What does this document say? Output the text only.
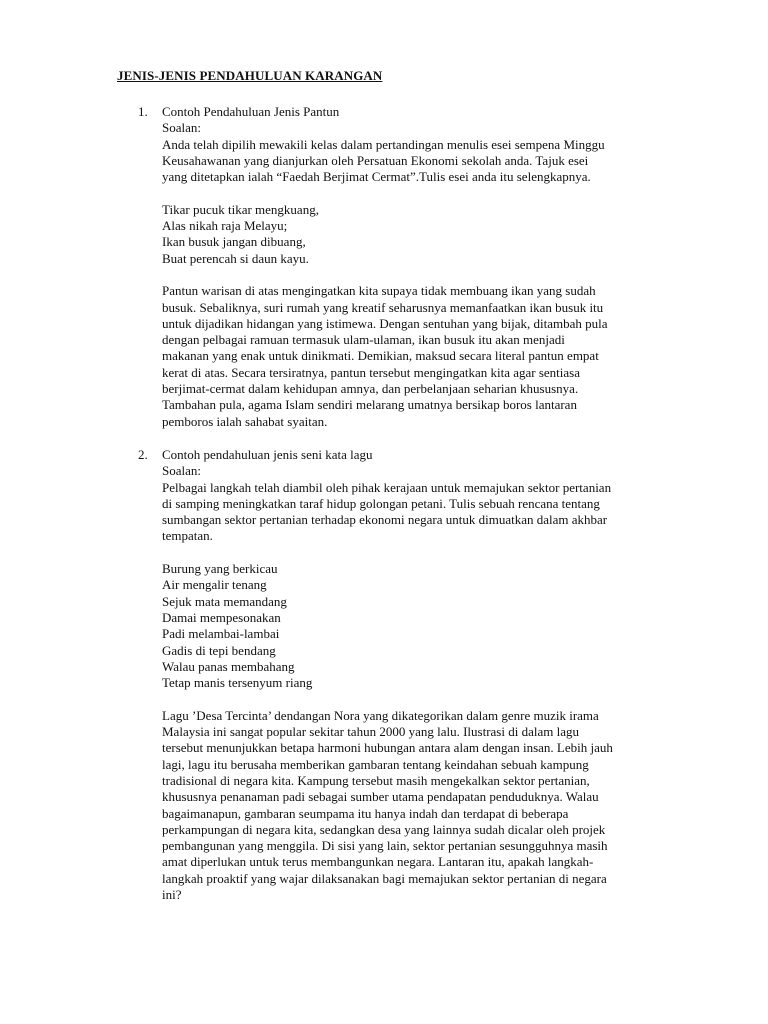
JENIS-JENIS PENDAHULUAN KARANGAN
1.	Contoh Pendahuluan Jenis Pantun
Soalan:
Anda telah dipilih mewakili kelas dalam pertandingan menulis esei sempena Minggu
Keusahawanan yang dianjurkan oleh Persatuan Ekonomi sekolah anda. Tajuk esei
yang ditetapkan ialah “Faedah Berjimat Cermat”.Tulis esei anda itu selengkapnya.
Tikar pucuk tikar mengkuang,
Alas nikah raja Melayu;
Ikan busuk jangan dibuang,
Buat perencah si daun kayu.
Pantun warisan di atas mengingatkan kita supaya tidak membuang ikan yang sudah
busuk. Sebaliknya, suri rumah yang kreatif seharusnya memanfaatkan ikan busuk itu
untuk dijadikan hidangan yang istimewa. Dengan sentuhan yang bijak, ditambah pula
dengan pelbagai ramuan termasuk ulam-ulaman, ikan busuk itu akan menjadi
makanan yang enak untuk dinikmati. Demikian, maksud secara literal pantun empat
kerat di atas. Secara tersiratnya, pantun tersebut mengingatkan kita agar sentiasa
berjimat-cermat dalam kehidupan amnya, dan perbelanjaan seharian khususnya.
Tambahan pula, agama Islam sendiri melarang umatnya bersikap boros lantaran
pemboros ialah sahabat syaitan.
2.	Contoh pendahuluan jenis seni kata lagu
Soalan:
Pelbagai langkah telah diambil oleh pihak kerajaan untuk memajukan sektor pertanian
di samping meningkatkan taraf hidup golongan petani. Tulis sebuah rencana tentang
sumbangan sektor pertanian terhadap ekonomi negara untuk dimuatkan dalam akhbar
tempatan.
Burung yang berkicau
Air mengalir tenang
Sejuk mata memandang
Damai mempesonakan
Padi melambai-lambai
Gadis di tepi bendang
Walau panas membahang
Tetap manis tersenyum riang
Lagu ’Desa Tercinta’ dendangan Nora yang dikategorikan dalam genre muzik irama
Malaysia ini sangat popular sekitar tahun 2000 yang lalu. Ilustrasi di dalam lagu
tersebut menunjukkan betapa harmoni hubungan antara alam dengan insan. Lebih jauh
lagi, lagu itu berusaha memberikan gambaran tentang keindahan sebuah kampung
tradisional di negara kita. Kampung tersebut masih mengekalkan sektor pertanian,
khususnya penanaman padi sebagai sumber utama pendapatan penduduknya. Walau
bagaimanapun, gambaran seumpama itu hanya indah dan terdapat di beberapa
perkampungan di negara kita, sedangkan desa yang lainnya sudah dicalar oleh projek
pembangunan yang menggila. Di sisi yang lain, sektor pertanian sesungguhnya masih
amat diperlukan untuk terus membangunkan negara. Lantaran itu, apakah langkah-
langkah proaktif yang wajar dilaksanakan bagi memajukan sektor pertanian di negara
ini?
